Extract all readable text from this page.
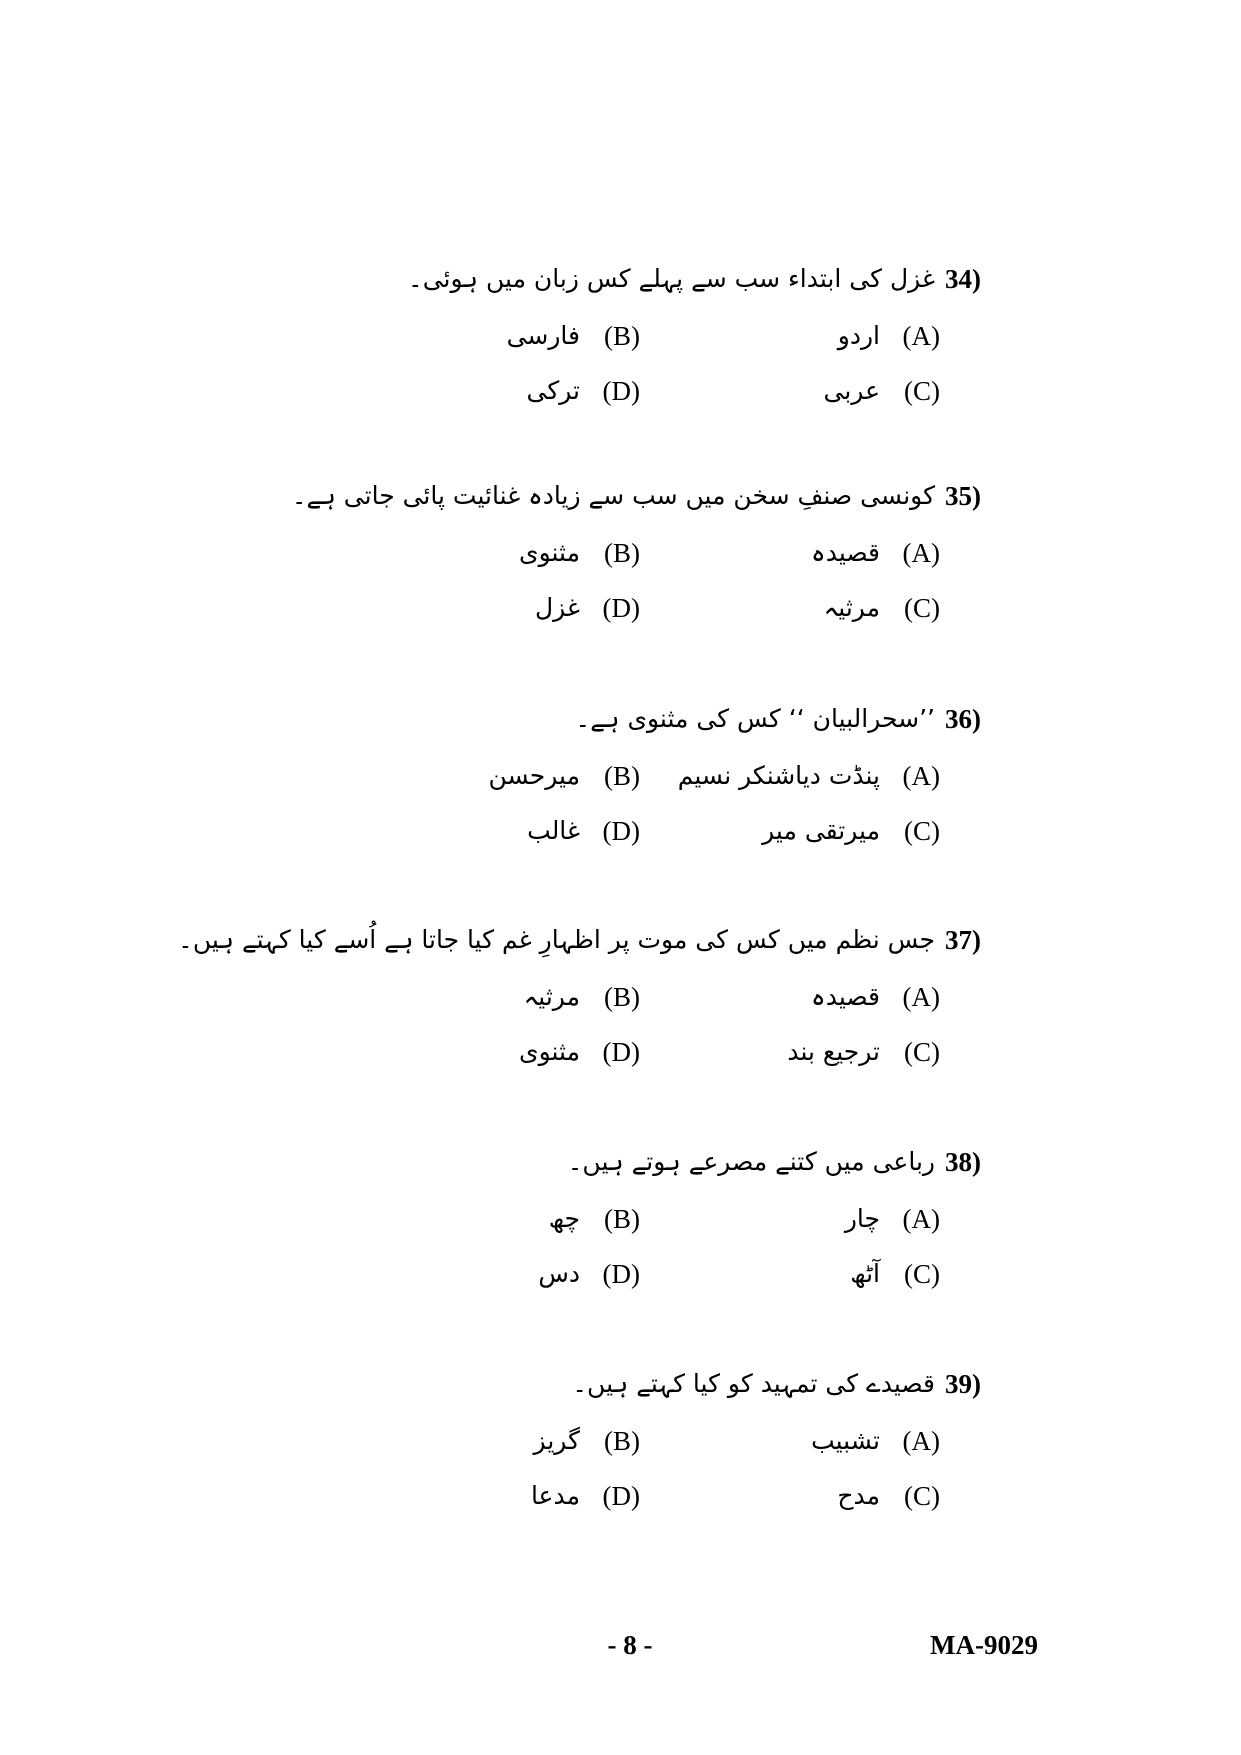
34)
غزل کی ابتداء سب سے پہلے کس زبان میں ہوئی۔
(A)
اردو
(B)
فارسی
(C)
عربی
(D)
ترکی
35)
کونسی صنفِ سخن میں سب سے زیادہ غنائیت پائی جاتی ہے۔
(A)
قصیدہ
(B)
مثنوی
(C)
مرثیہ
(D)
غزل
36)
’’سحرالبیان ‘‘ کس کی مثنوی ہے۔
(A)
پنڈت دیاشنکر نسیم
(B)
میرحسن
(C)
میرتقی میر
(D)
غالب
37)
جس نظم میں کس کی موت پر اظہارِ غم کیا جاتا ہے اُسے کیا کہتے ہیں۔
(A)
قصیدہ
(B)
مرثیہ
(C)
ترجیع بند
(D)
مثنوی
38)
رباعی میں کتنے مصرعے ہوتے ہیں۔
(A)
چار
(B)
چھ
(C)
آٹھ
(D)
دس
39)
قصیدے کی تمہید کو کیا کہتے ہیں۔
(A)
تشبیب
(B)
گریز
(C)
مدح
(D)
مدعا
- 8 -	MA-9029
